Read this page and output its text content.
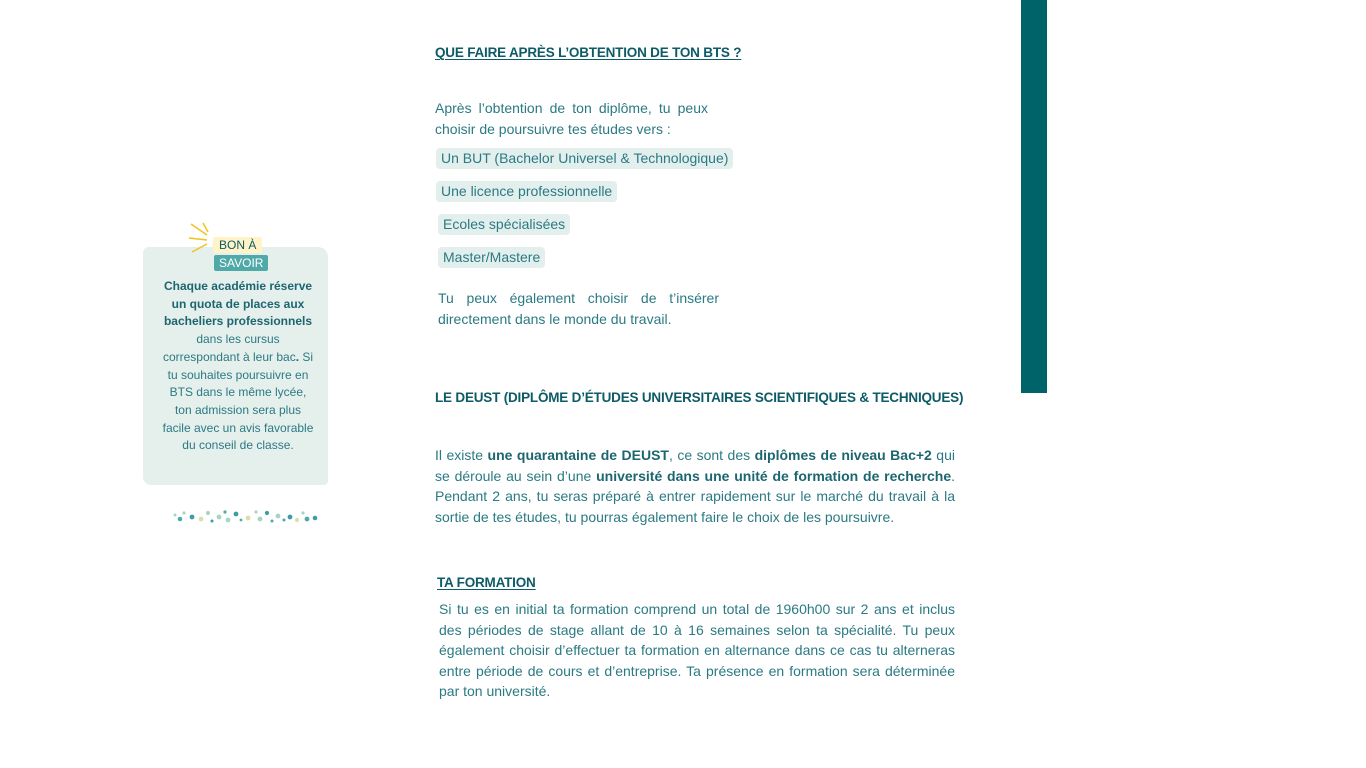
QUE FAIRE APRÈS L’OBTENTION DE TON BTS ?
Après l’obtention de ton diplôme, tu peux choisir de poursuivre tes études vers :
Un BUT (Bachelor Universel & Technologique)
Une licence professionnelle
Ecoles spécialisées
Master/Mastere
Tu peux également choisir de t’insérer directement dans le monde du travail.
LE DEUST (DIPLÔME D’ÉTUDES UNIVERSITAIRES SCIENTIFIQUES & TECHNIQUES)
Il existe une quarantaine de DEUST, ce sont des diplômes de niveau Bac+2 qui se déroule au sein d’une université dans une unité de formation de recherche. Pendant 2 ans, tu seras préparé à entrer rapidement sur le marché du travail à la sortie de tes études, tu pourras également faire le choix de les poursuivre.
TA FORMATION
Si tu es en initial ta formation comprend un total de 1960h00 sur 2 ans et inclus des périodes de stage allant de 10 à 16 semaines selon ta spécialité. Tu peux également choisir d’effectuer ta formation en alternance dans ce cas tu alterneras entre période de cours et d’entreprise. Ta présence en formation sera déterminée par ton université.
BON À
SAVOIR
Chaque académie réserve un quota de places aux bacheliers professionnels dans les cursus correspondant à leur bac. Si tu souhaites poursuivre en BTS dans le même lycée, ton admission sera plus facile avec un avis favorable du conseil de classe.
